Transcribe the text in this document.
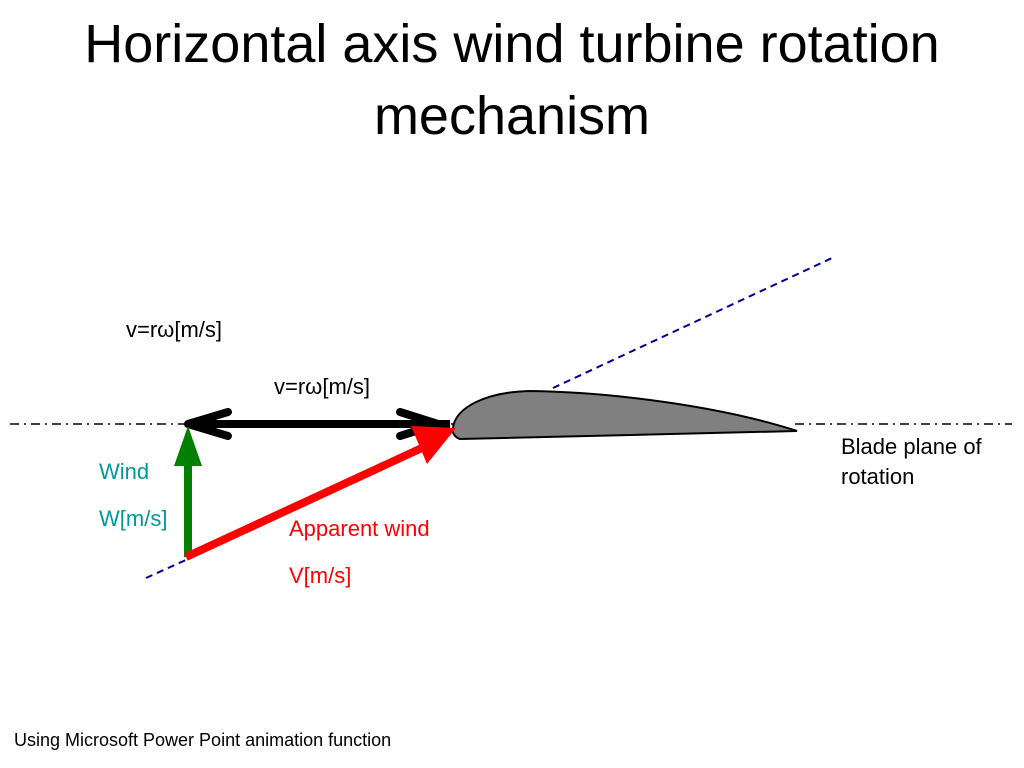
Horizontal axis wind turbine rotation
mechanism
v=rω[m/s]
v=rω[m/s]
Wind
W[m/s]	Apparent wind
V[m/s]
Blade plane of
rotation
Using Microsoft Power Point animation function
